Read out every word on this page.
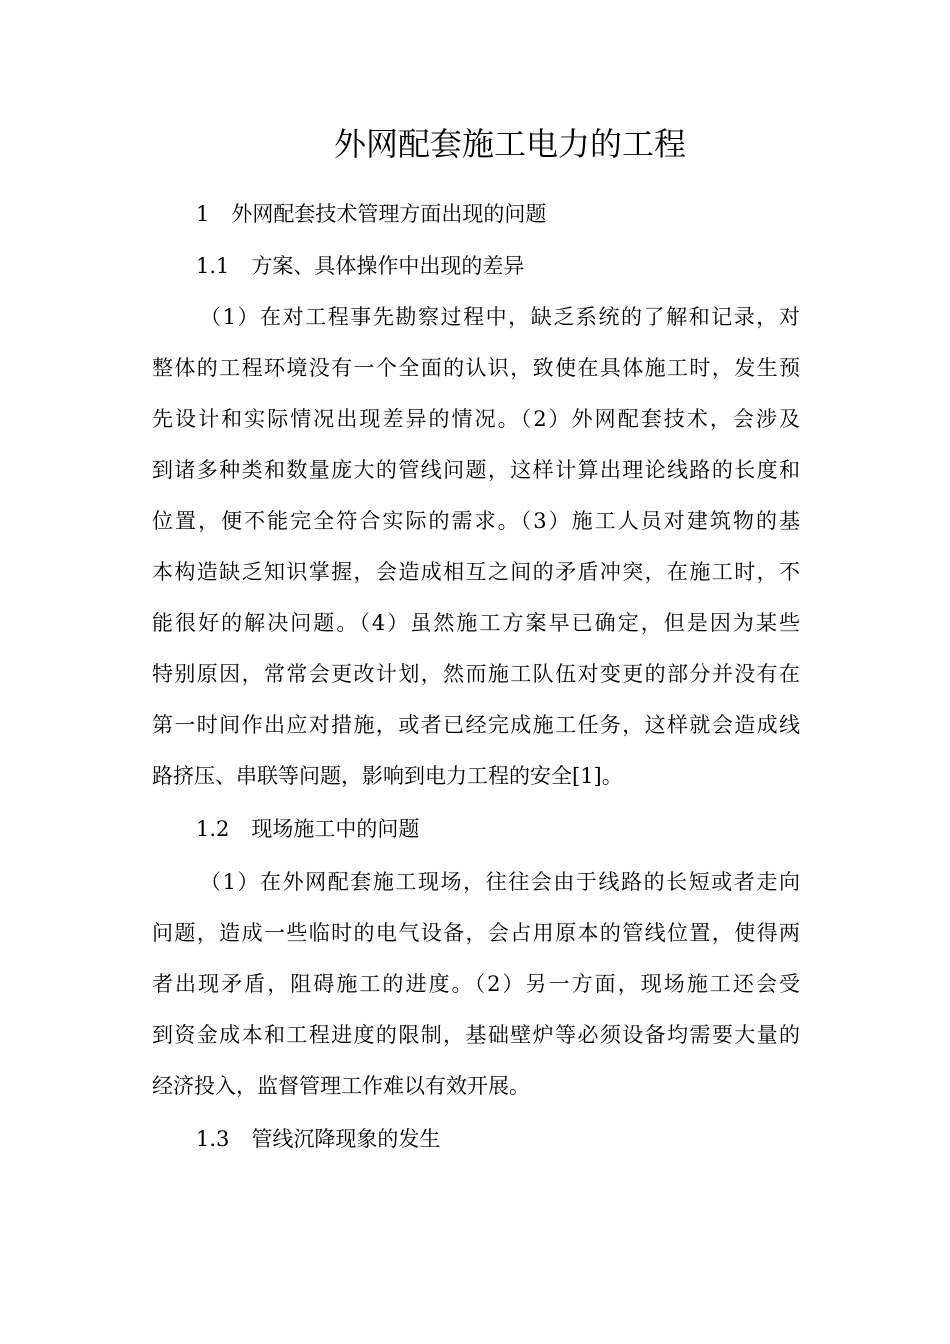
外网配套施工电力的工程
1 外网配套技术管理方面出现的问题
1.1 方案、具体操作中出现的差异

（1）在对工程事先勘察过程中，缺乏系统的了解和记录，对

整体的工程环境没有一个全面的认识，致使在具体施工时，发生预

先设计和实际情况出现差异的情况。（2）外网配套技术，会涉及

到诸多种类和数量庞大的管线问题，这样计算出理论线路的长度和

位置，便不能完全符合实际的需求。（3）施工人员对建筑物的基

本构造缺乏知识掌握，会造成相互之间的矛盾冲突，在施工时，不

能很好的解决问题。（4）虽然施工方案早已确定，但是因为某些

特别原因，常常会更改计划，然而施工队伍对变更的部分并没有在

第一时间作出应对措施，或者已经完成施工任务，这样就会造成线

路挤压、串联等问题，影响到电力工程的安全[1]。

1.2 现场施工中的问题

（1）在外网配套施工现场，往往会由于线路的长短或者走向

问题，造成一些临时的电气设备，会占用原本的管线位置，使得两

者出现矛盾，阻碍施工的进度。（2）另一方面，现场施工还会受

到资金成本和工程进度的限制，基础壁炉等必须设备均需要大量的

经济投入，监督管理工作难以有效开展。

1.3 管线沉降现象的发生
